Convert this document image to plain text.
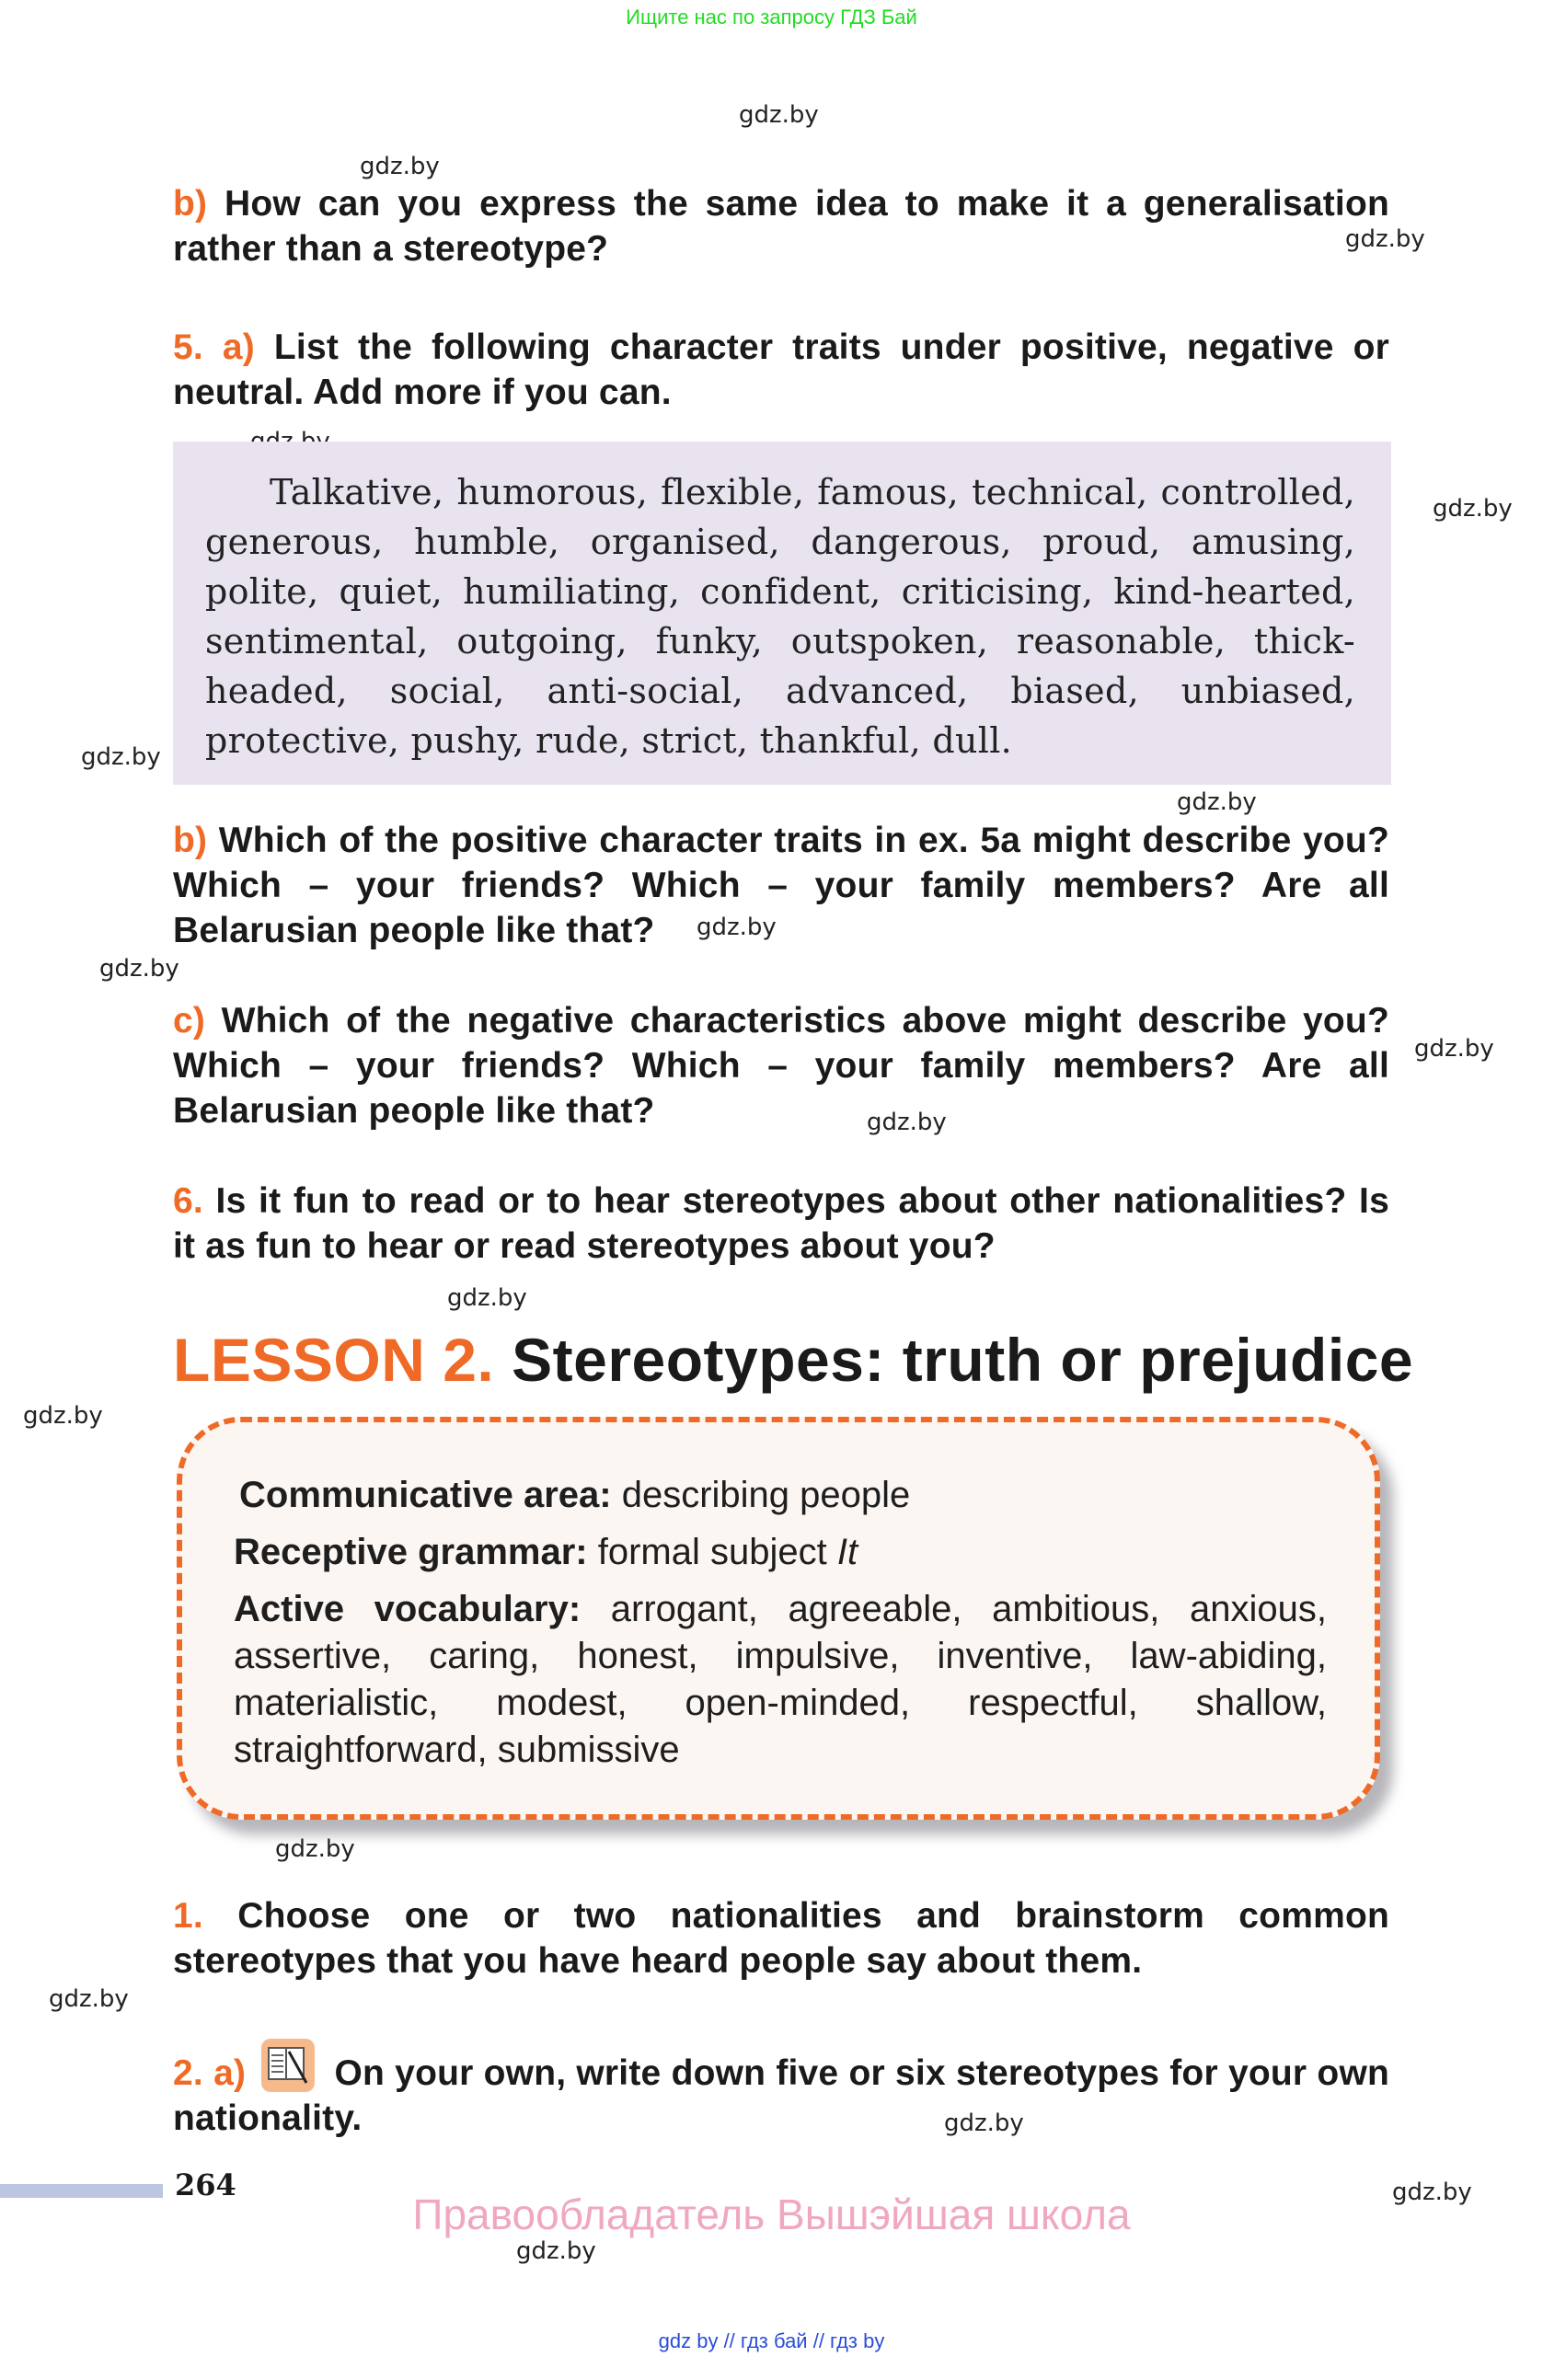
Ищите нас по запросу ГДЗ Бай
gdz.by
gdz.by
gdz.by
gdz.by
gdz.by
gdz.by
gdz.by
gdz.by
gdz.by
gdz.by
gdz.by
gdz.by
gdz.by
gdz.by
gdz.by
gdz.by
gdz.by
b) How can you express the same idea to make it a generalisation rather than a stereotype?
5. a) List the following character traits under positive, negative or neutral. Add more if you can.
Talkative, humorous, flexible, famous, technical, controlled, generous, humble, organised, dangerous, proud, amusing, polite, quiet, humiliating, confident, criticising, kind-hearted, sentimental, outgoing, funky, outspoken, reasonable, thick-headed, social, anti-social, advanced, biased, unbiased, protective, pushy, rude, strict, thankful, dull.
b) Which of the positive character traits in ex. 5a might describe you? Which – your friends? Which – your family members? Are all Belarusian people like that?
c) Which of the negative characteristics above might describe you? Which – your friends? Which – your family members? Are all Belarusian people like that?
6. Is it fun to read or to hear stereotypes about other nationalities? Is it as fun to hear or read stereotypes about you?
LESSON 2. Stereotypes: truth or prejudice
Communicative area: describing people
Receptive grammar: formal subject It
Active vocabulary: arrogant, agreeable, ambitious, anxious, assertive, caring, honest, impulsive, inventive, law-abiding, materialistic, modest, open-minded, respectful, shallow, straightforward, submissive
1. Choose one or two nationalities and brainstorm common stereotypes that you have heard people say about them.
2. a) On your own, write down five or six stereotypes for your own nationality.
264
Правообладатель Вышэйшая школа
gdz by // гдз бай // гдз by
